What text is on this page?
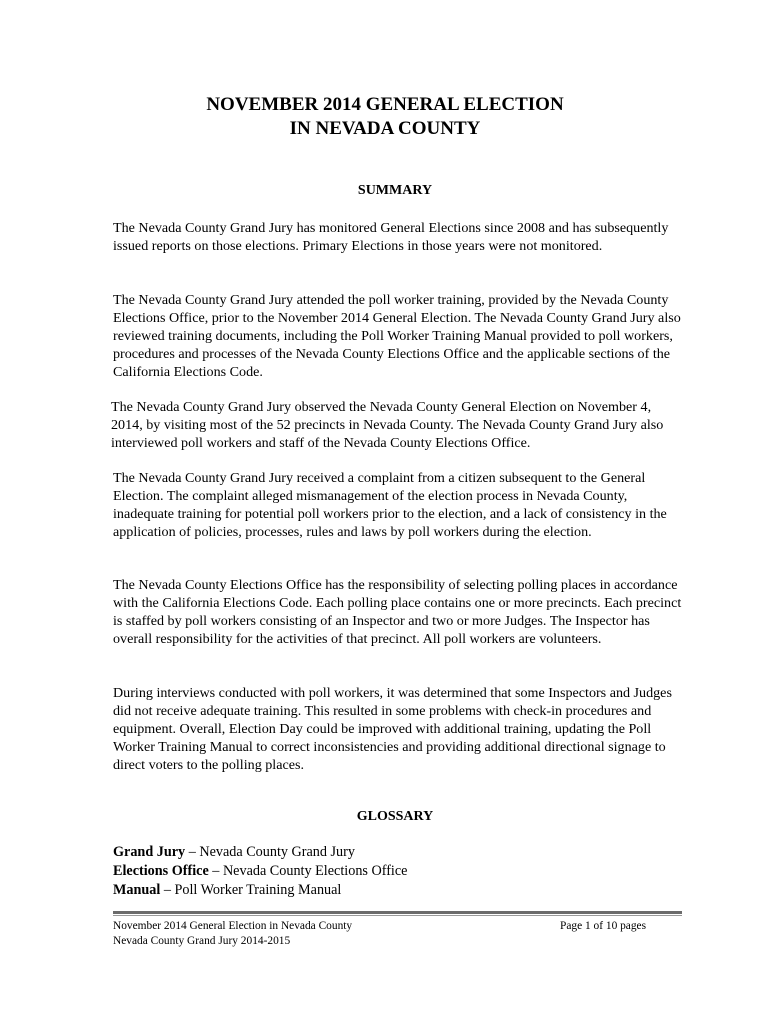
NOVEMBER 2014 GENERAL ELECTION
IN NEVADA COUNTY
SUMMARY

The Nevada County Grand Jury has monitored General Elections since 2008 and has subsequently issued reports on those elections. Primary Elections in those years were not monitored.

The Nevada County Grand Jury attended the poll worker training, provided by the Nevada County Elections Office, prior to the November 2014 General Election. The Nevada County Grand Jury also reviewed training documents, including the Poll Worker Training Manual provided to poll workers, procedures and processes of the Nevada County Elections Office and the applicable sections of the California Elections Code.

The Nevada County Grand Jury observed the Nevada County General Election on November 4, 2014, by visiting most of the 52 precincts in Nevada County. The Nevada County Grand Jury also interviewed poll workers and staff of the Nevada County Elections Office.

The Nevada County Grand Jury received a complaint from a citizen subsequent to the General Election. The complaint alleged mismanagement of the election process in Nevada County, inadequate training for potential poll workers prior to the election, and a lack of consistency in the application of policies, processes, rules and laws by poll workers during the election.

The Nevada County Elections Office has the responsibility of selecting polling places in accordance with the California Elections Code. Each polling place contains one or more precincts. Each precinct is staffed by poll workers consisting of an Inspector and two or more Judges. The Inspector has overall responsibility for the activities of that precinct. All poll workers are volunteers.

During interviews conducted with poll workers, it was determined that some Inspectors and Judges did not receive adequate training. This resulted in some problems with check-in procedures and equipment. Overall, Election Day could be improved with additional training, updating the Poll Worker Training Manual to correct inconsistencies and providing additional directional signage to direct voters to the polling places.

GLOSSARY
Grand Jury – Nevada County Grand Jury
Elections Office – Nevada County Elections Office
Manual – Poll Worker Training Manual
November 2014 General Election in Nevada County
Nevada County Grand Jury 2014-2015
Page 1 of 10 pages
